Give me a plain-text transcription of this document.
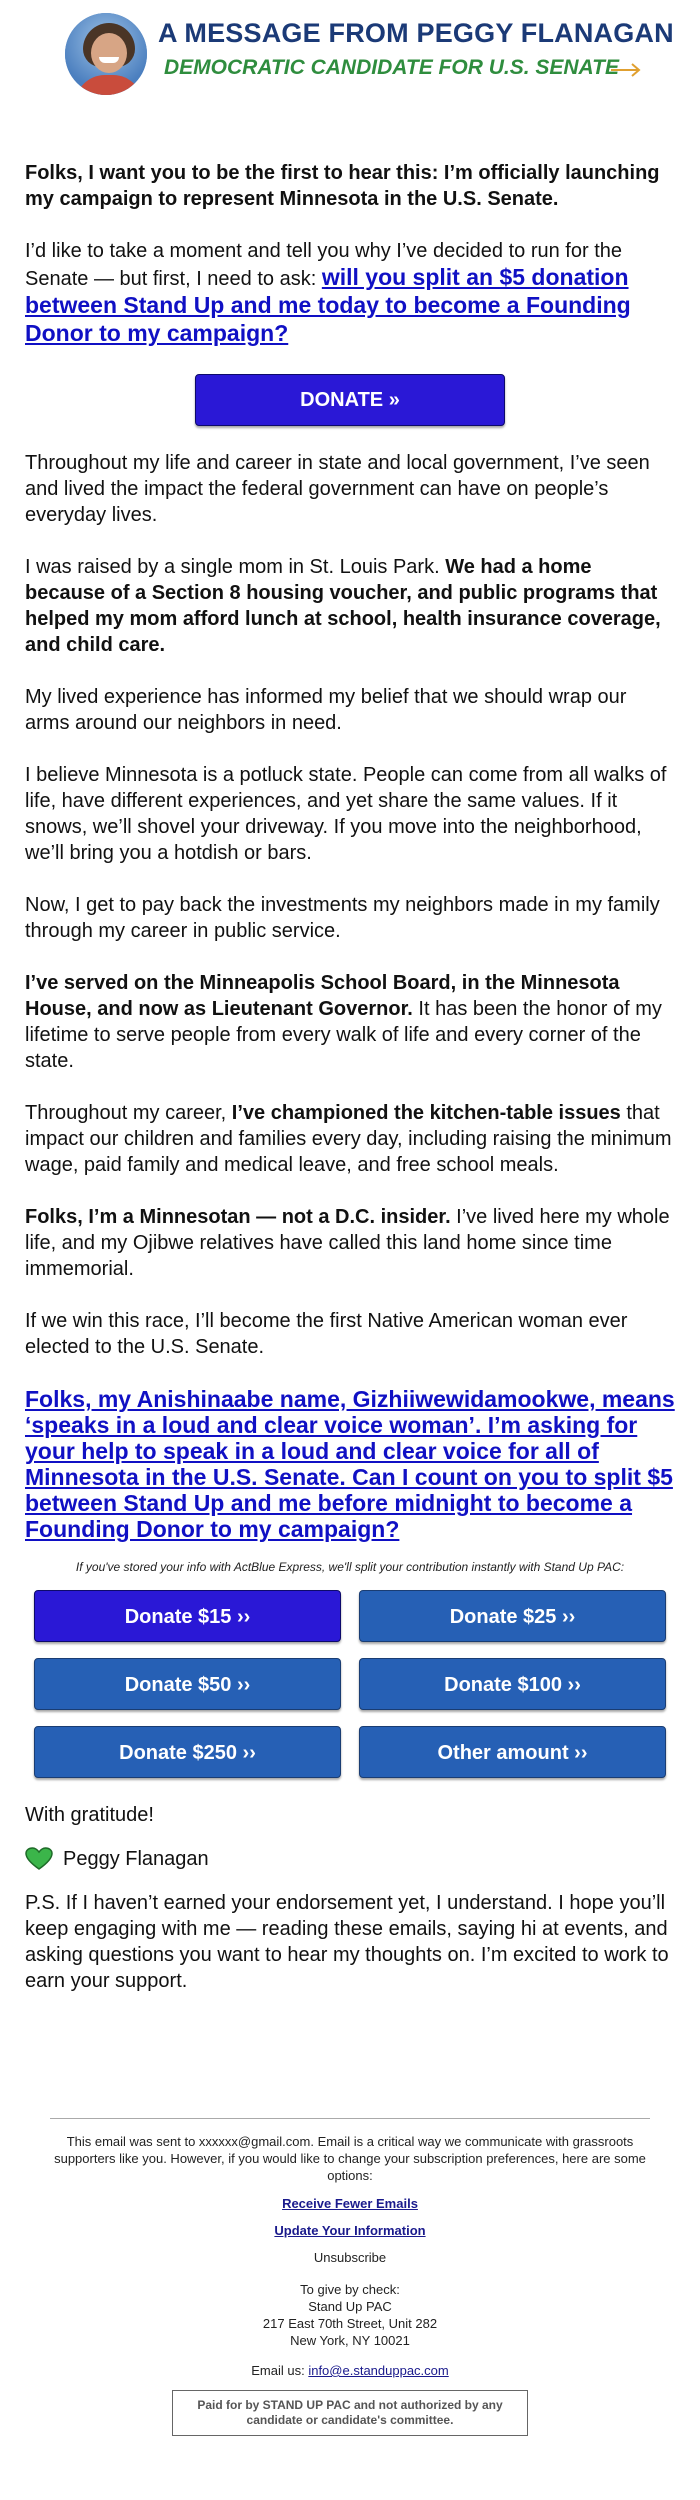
A MESSAGE FROM PEGGY FLANAGAN
DEMOCRATIC CANDIDATE FOR U.S. SENATE

Folks, I want you to be the first to hear this: I’m officially launching my campaign to represent Minnesota in the U.S. Senate.

I’d like to take a moment and tell you why I’ve decided to run for the Senate — but first, I need to ask: will you split an $5 donation between Stand Up and me today to become a Founding Donor to my campaign?

DONATE »

Throughout my life and career in state and local government, I’ve seen and lived the impact the federal government can have on people’s everyday lives.

I was raised by a single mom in St. Louis Park. We had a home because of a Section 8 housing voucher, and public programs that helped my mom afford lunch at school, health insurance coverage, and child care.

My lived experience has informed my belief that we should wrap our arms around our neighbors in need.

I believe Minnesota is a potluck state. People can come from all walks of life, have different experiences, and yet share the same values. If it snows, we’ll shovel your driveway. If you move into the neighborhood, we’ll bring you a hotdish or bars.

Now, I get to pay back the investments my neighbors made in my family through my career in public service.

I’ve served on the Minneapolis School Board, in the Minnesota House, and now as Lieutenant Governor. It has been the honor of my lifetime to serve people from every walk of life and every corner of the state.

Throughout my career, I’ve championed the kitchen-table issues that impact our children and families every day, including raising the minimum wage, paid family and medical leave, and free school meals.

Folks, I’m a Minnesotan — not a D.C. insider. I’ve lived here my whole life, and my Ojibwe relatives have called this land home since time immemorial.

If we win this race, I’ll become the first Native American woman ever elected to the U.S. Senate.

Folks, my Anishinaabe name, Gizhiiwewidamookwe, means ‘speaks in a loud and clear voice woman’. I’m asking for your help to speak in a loud and clear voice for all of Minnesota in the U.S. Senate. Can I count on you to split $5 between Stand Up and me before midnight to become a Founding Donor to my campaign?

If you've stored your info with ActBlue Express, we'll split your contribution instantly with Stand Up PAC:

Donate $15 ››	Donate $25 ››
Donate $50 ››	Donate $100 ››
Donate $250 ››	Other amount ››

With gratitude!

Peggy Flanagan

P.S. If I haven’t earned your endorsement yet, I understand. I hope you’ll keep engaging with me — reading these emails, saying hi at events, and asking questions you want to hear my thoughts on. I’m excited to work to earn your support.

This email was sent to xxxxxx@gmail.com. Email is a critical way we communicate with grassroots supporters like you. However, if you would like to change your subscription preferences, here are some options:

Receive Fewer Emails
Update Your Information
Unsubscribe
To give by check:
Stand Up PAC
217 East 70th Street, Unit 282
New York, NY 10021

Email us: info@e.standuppac.com

Paid for by STAND UP PAC and not authorized by any candidate or candidate's committee.
